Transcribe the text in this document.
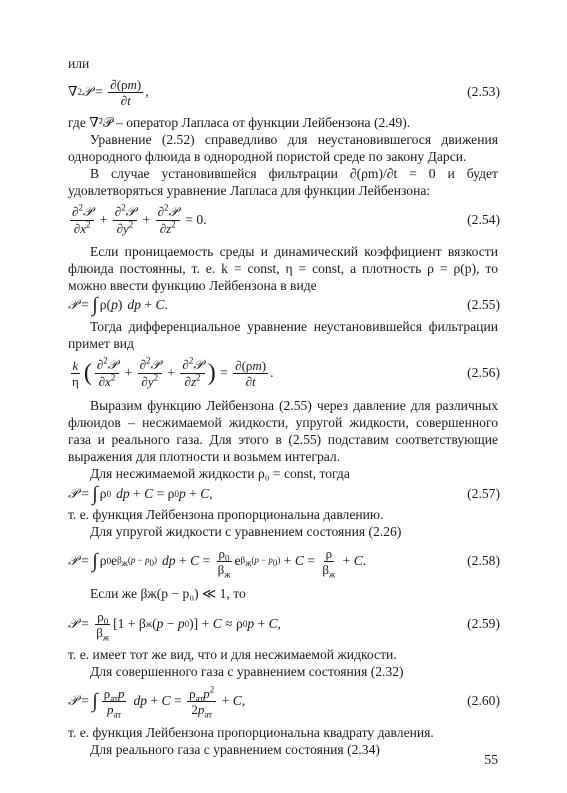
или
∇ 2 𝒫 = ∂(ρm)
∂t
,	(2.53)
где ∇²𝒫 – оператор Лапласа от функции Лейбензона (2.49).
Уравнение (2.52) справедливо для неустановившегося движения однородного флюида в однородной пористой среде по закону Дарси.
В случае установившейся фильтрации ∂(ρm)/∂t = 0 и будет удовлетворяться уравнение Лапласа для функции Лейбензона:
∂$^2$𝒫
$\partial x^2$ +
∂$^2$𝒫
$\partial y^2$ +
∂$^2$𝒫
$\partial z^2 = 0$.	(2.54)
Если проницаемость среды и динамический коэффициент вязкости флюида постоянны, т. е. k = const, η = const, а плотность ρ = ρ(p), то можно ввести функцию Лейбензона в виде
𝒫 = ∫ ρ( p ) dp + C .	(2.55)
Тогда дифференциальное уравнение неустановившейся фильтрации примет вид
k
η ( ∂$^2$𝒫
$\partial x^2$ +
∂$^2$𝒫
$\partial y^2$ +
∂$^2$𝒫
$\partial z^2$ ) = ∂(ρm)
∂t
.	(2.56)
Выразим функцию Лейбензона (2.55) через давление для различных флюидов – несжимаемой жидкости, упругой жидкости, совершенного газа и реального газа. Для этого в (2.55) подставим соответствующие выражения для плотности и возьмем интеграл.
Для несжимаемой жидкости ρ₀ = const, тогда
𝒫 = ∫ ρ 0 dp + C = ρ 0 p + C ,	(2.57)
т. е. функция Лейбензона пропорциональна давлению.
Для упругой жидкости с уравнением состояния (2.26)
𝒫 = ∫ ρ 0 e $\beta_ж(p - p_0)$ dp + $C = \rho_0$
$\beta_ж$
e $\beta_ж(p - p_0) + C = \rho$
$\beta_ж$
+ C .	(2.58)
Если же βж(p − p₀) ≪ 1, то
𝒫 = $\rho_0$
$\beta_ж$
[1 + β ж ( p − p 0 )] + C ≈ ρ 0 p + C ,	(2.59)
т. е. имеет тот же вид, что и для несжимаемой жидкости.
Для совершенного газа с уравнением состояния (2.32)
𝒫 = ∫ $\rho_{ат}p$
$p_{ат}$
dp + $C = \rho_{ат}p^2$
$2p_{ат}$
+ C ,	(2.60)
т. е. функция Лейбензона пропорциональна квадрату давления.
Для реального газа с уравнением состояния (2.34)
55
